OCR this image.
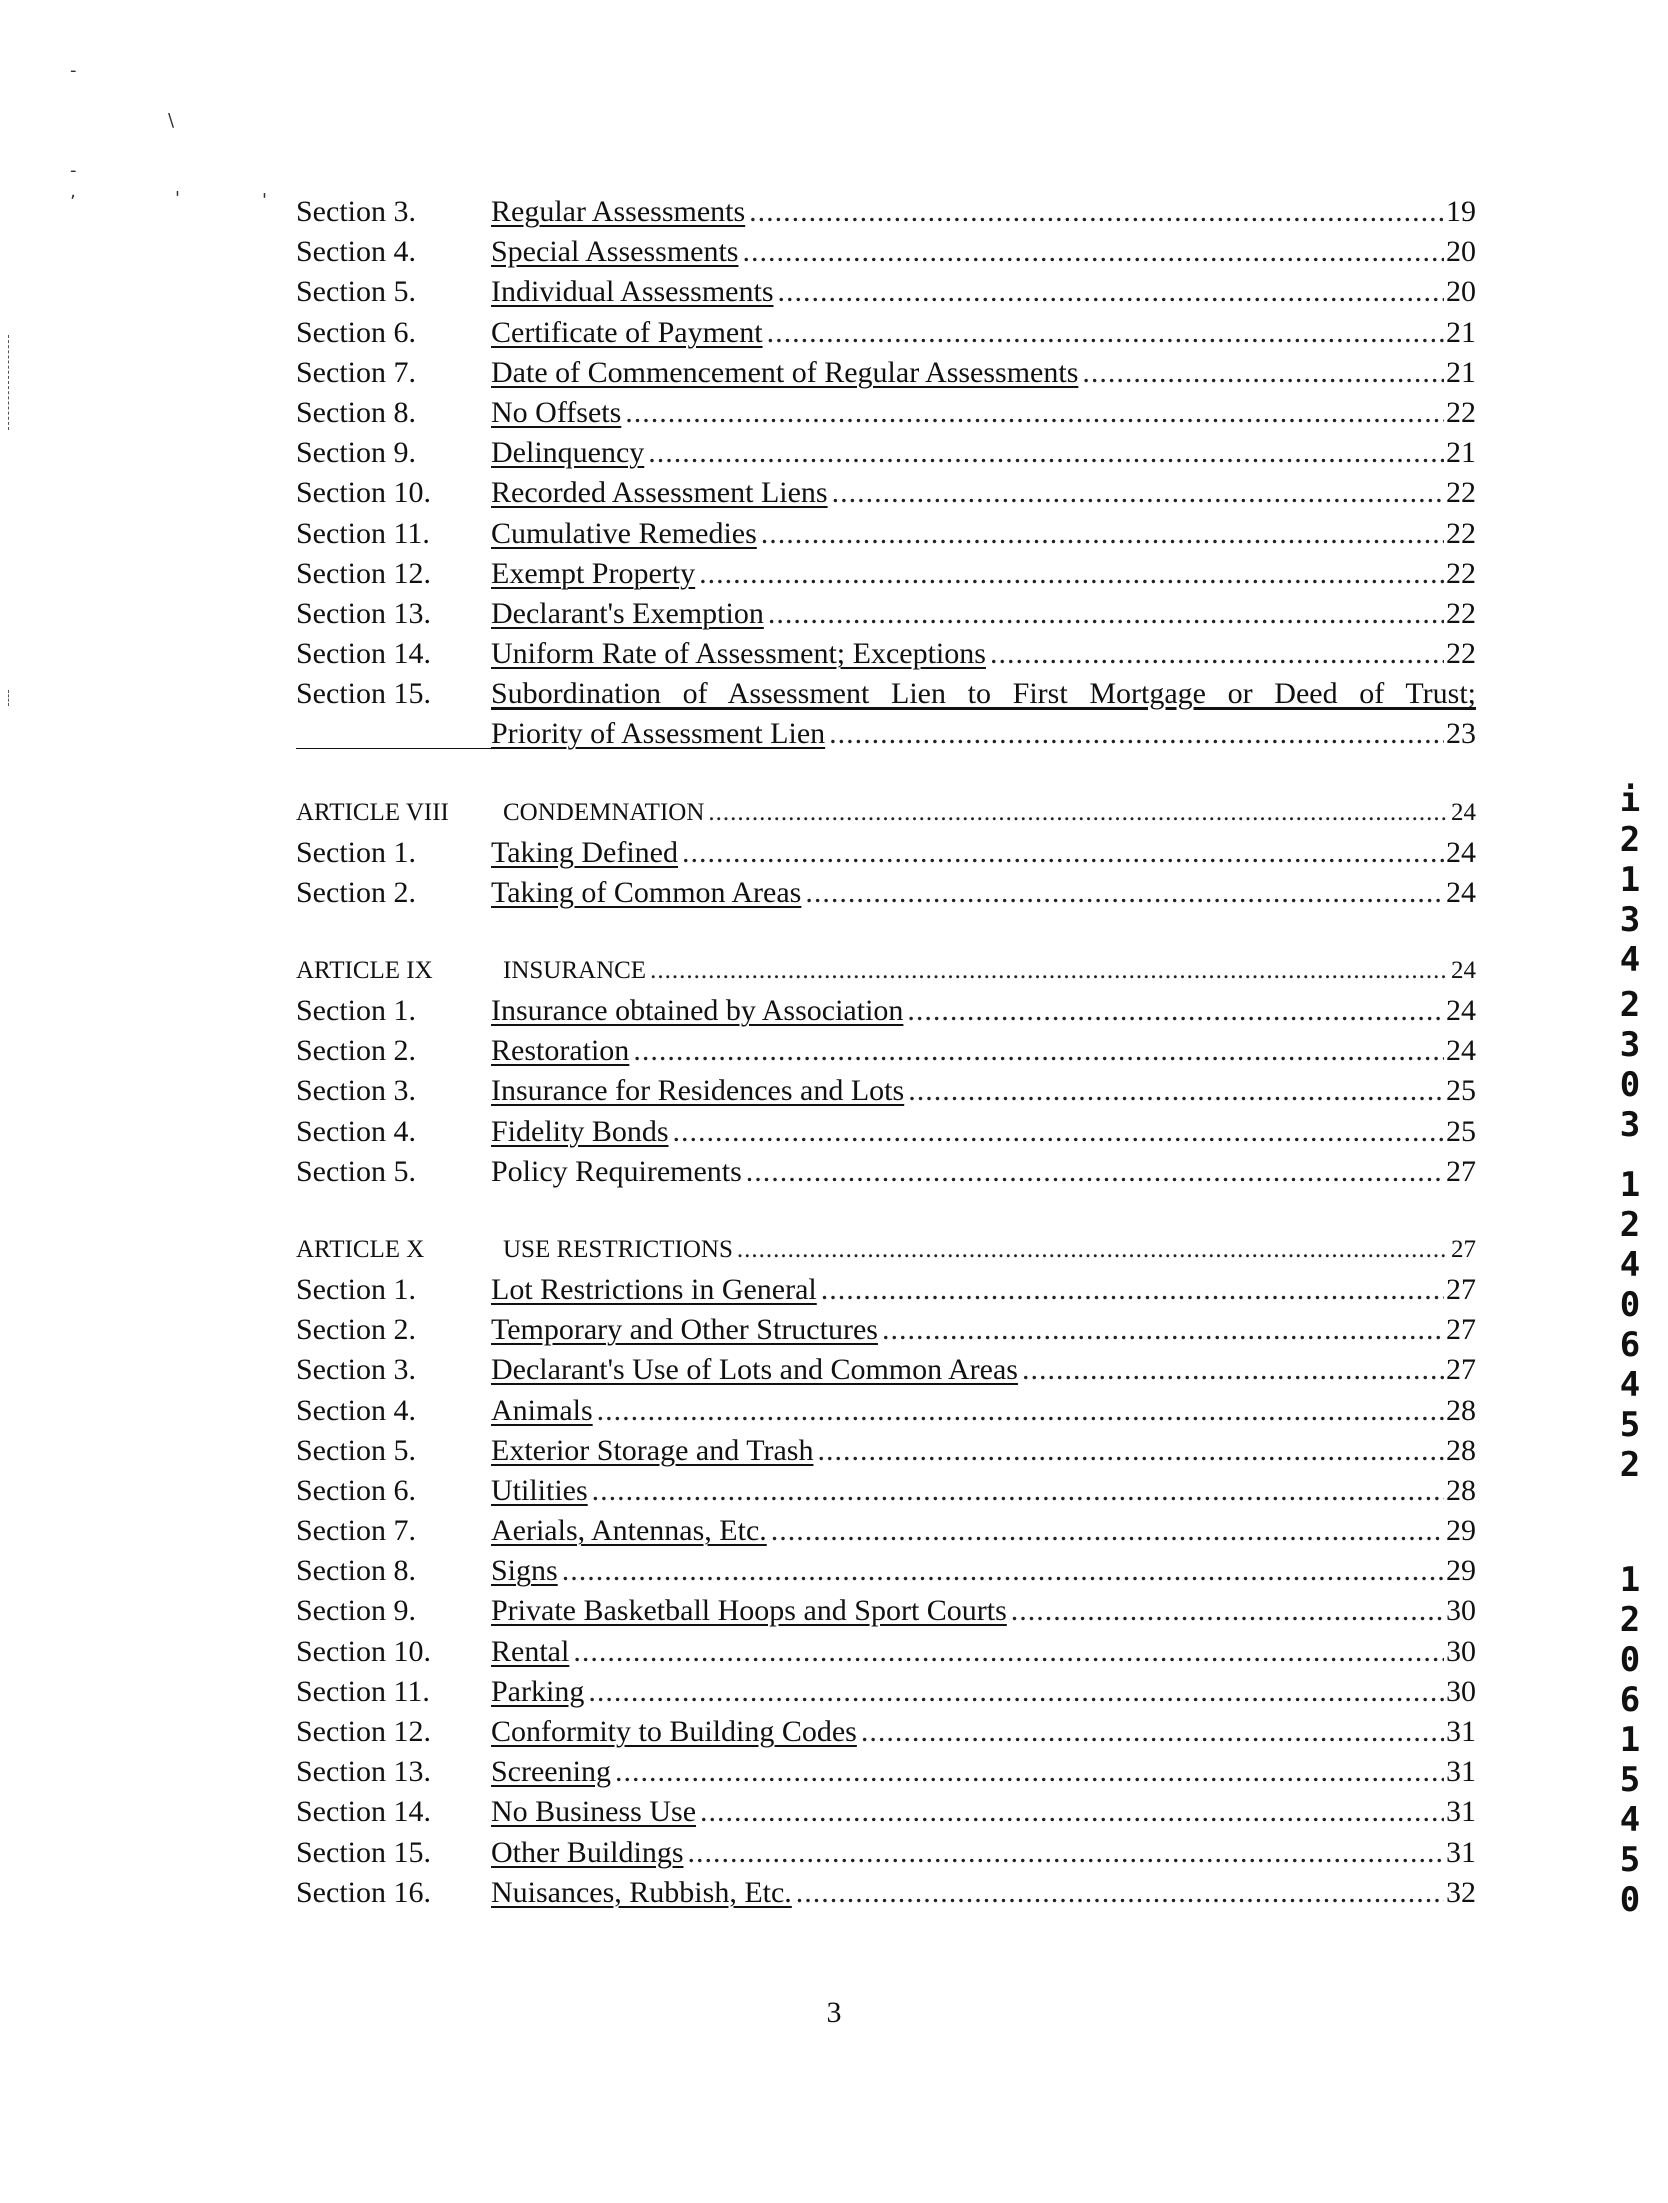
‐
\
- ‚	'	' Section 3.	Regular Assessments .....	19
Section 4.	Special Assessments .....	20
Section 5.	Individual Assessments .....	20
Section 6.	Certificate of Payment .....	21
Section 7.	Date of Commencement of Regular Assessments .....	21
Section 8.	No Offsets .....	22
Section 9.	Delinquency .....	21
Section 10.	Recorded Assessment Liens .....	22
Section 11.	Cumulative Remedies .....	22
Section 12.	Exempt Property .....	22
Section 13.	Declarant's Exemption .....	22
Section 14.	Uniform Rate of Assessment; Exceptions .....	22
Section 15.	Subordination of Assessment Lien to First Mortgage or Deed of Trust;
Priority of Assessment Lien .....	23
ARTICLE VIII	CONDEMNATION .....	24
Section 1.	Taking Defined .....	24
Section 2.	Taking of Common Areas .....	24
ARTICLE IX	INSURANCE .....	24
Section 1.	Insurance obtained by Association .....	24
Section 2.	Restoration .....	24
Section 3.	Insurance for Residences and Lots .....	25
Section 4.	Fidelity Bonds .....	25
Section 5.	Policy Requirements .....	27
ARTICLE X	USE RESTRICTIONS .....	27
Section 1.	Lot Restrictions in General .....	27
Section 2.	Temporary and Other Structures .....	27
Section 3.	Declarant's Use of Lots and Common Areas .....	27
Section 4.	Animals .....	28
Section 5.	Exterior Storage and Trash .....	28
Section 6.	Utilities .....	28
Section 7.	Aerials, Antennas, Etc. .....	29
Section 8.	Signs .....	29
Section 9.	Private Basketball Hoops and Sport Courts .....	30
Section 10.	Rental .....	30
Section 11.	Parking .....	30
Section 12.	Conformity to Building Codes .....	31
Section 13.	Screening .....	31
Section 14.	No Business Use .....	31
Section 15.	Other Buildings .....	31
Section 16.	Nuisances, Rubbish, Etc. .....	32
3
i
2
1
3
4
2
3
0
3
1
2
4
0
6
4
5
2
1
2
0
6
1
5
4
5
0
